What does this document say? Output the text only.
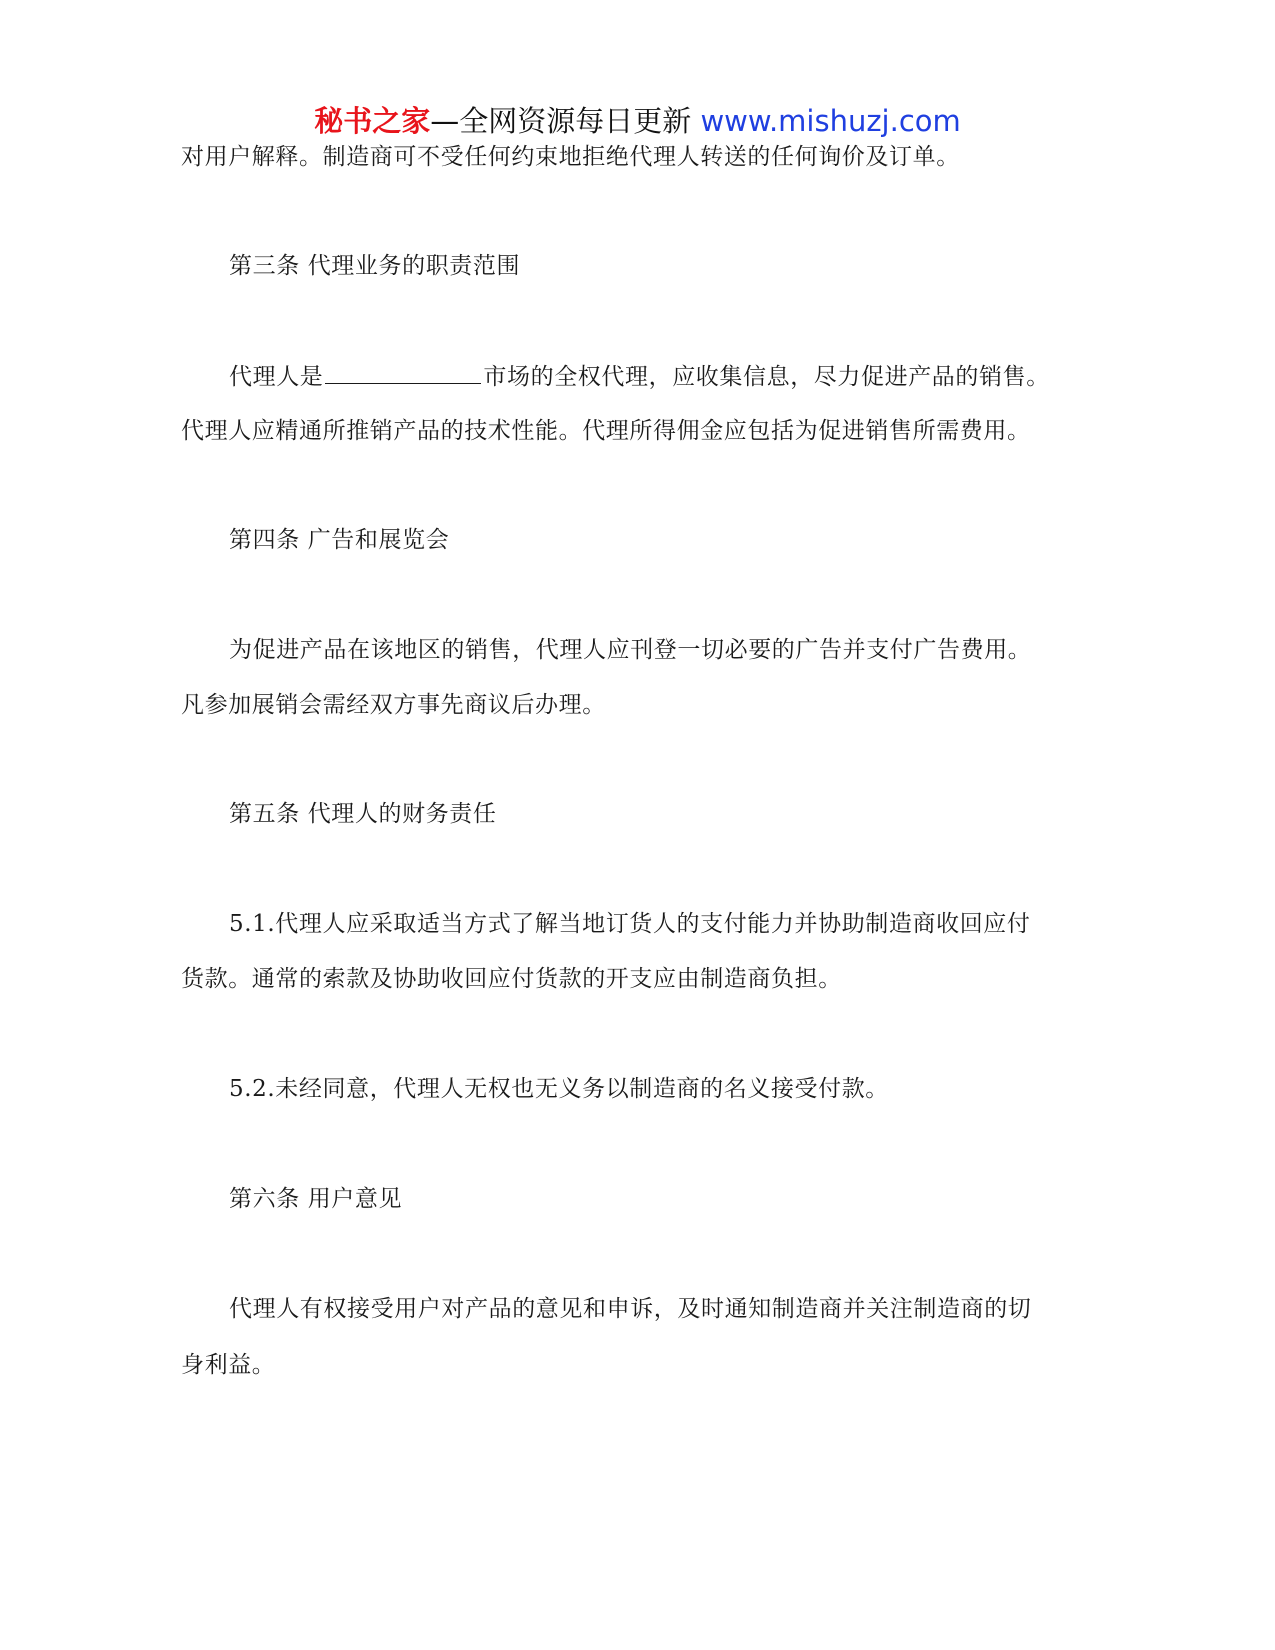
秘书之家—全网资源每日更新 www.mishuzj.com
对用户解释。制造商可不受任何约束地拒绝代理人转送的任何询价及订单。
第三条 代理业务的职责范围
代理人是	市场的全权代理，应收集信息，尽力促进产品的销售。
代理人应精通所推销产品的技术性能。代理所得佣金应包括为促进销售所需费用。
第四条 广告和展览会
为促进产品在该地区的销售，代理人应刊登一切必要的广告并支付广告费用。
凡参加展销会需经双方事先商议后办理。
第五条 代理人的财务责任
5.1.代理人应采取适当方式了解当地订货人的支付能力并协助制造商收回应付
货款。通常的索款及协助收回应付货款的开支应由制造商负担。
5.2.未经同意，代理人无权也无义务以制造商的名义接受付款。
第六条 用户意见
代理人有权接受用户对产品的意见和申诉，及时通知制造商并关注制造商的切
身利益。
